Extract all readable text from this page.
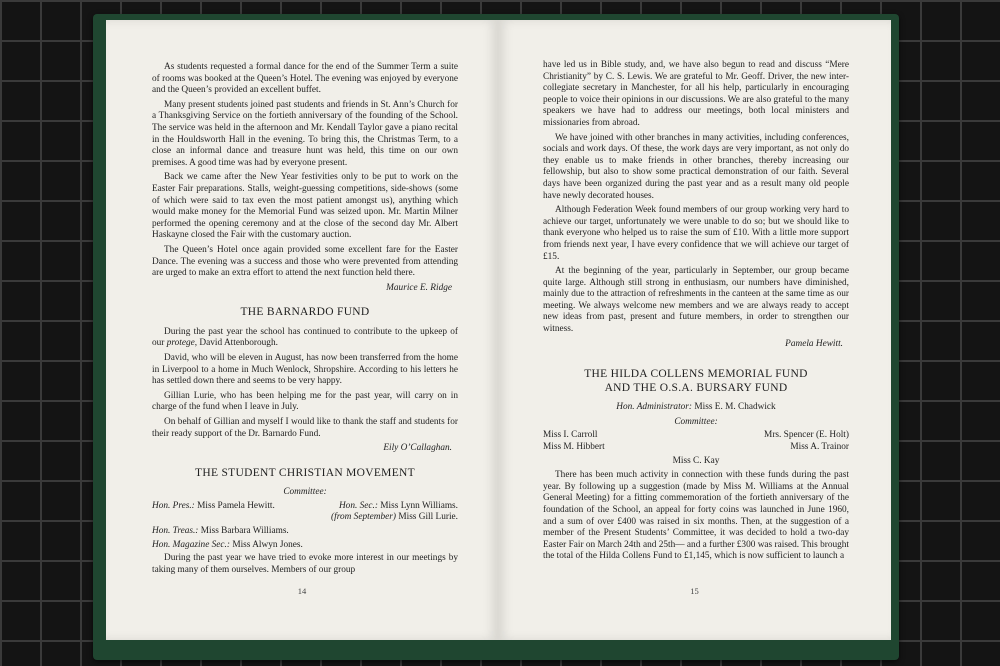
As students requested a formal dance for the end of the Summer Term a suite of rooms was booked at the Queen’s Hotel. The evening was enjoyed by everyone and the Queen’s provided an excellent buffet.

Many present students joined past students and friends in St. Ann’s Church for a Thanksgiving Service on the fortieth anniversary of the founding of the School. The service was held in the afternoon and Mr. Kendall Taylor gave a piano recital in the Houldsworth Hall in the evening. To bring this, the Christmas Term, to a close an informal dance and treasure hunt was held, this time on our own premises. A good time was had by everyone present.

Back we came after the New Year festivities only to be put to work on the Easter Fair preparations. Stalls, weight-guessing competitions, side-shows (some of which were said to tax even the most patient amongst us), anything which would make money for the Memorial Fund was seized upon. Mr. Martin Milner performed the opening ceremony and at the close of the second day Mr. Albert Haskayne closed the Fair with the customary auction.

The Queen’s Hotel once again provided some excellent fare for the Easter Dance. The evening was a success and those who were prevented from attending are urged to make an extra effort to attend the next function held there.

Maurice E. Ridge
THE BARNARDO FUND

During the past year the school has continued to contribute to the upkeep of our protege, David Attenborough.

David, who will be eleven in August, has now been transferred from the home in Liverpool to a home in Much Wenlock, Shropshire. According to his letters he has settled down there and seems to be very happy.

Gillian Lurie, who has been helping me for the past year, will carry on in charge of the fund when I leave in July.

On behalf of Gillian and myself I would like to thank the staff and students for their ready support of the Dr. Barnardo Fund.

Eily O’Callaghan.
THE STUDENT CHRISTIAN MOVEMENT
Committee:
Hon. Pres.: Miss Pamela Hewitt.	Hon. Sec.: Miss Lynn Williams.
(from September) Miss Gill Lurie.
Hon. Treas.: Miss Barbara Williams.
Hon. Magazine Sec.: Miss Alwyn Jones.

During the past year we have tried to evoke more interest in our meetings by taking many of them ourselves. Members of our group

14

have led us in Bible study, and, we have also begun to read and discuss “Mere Christianity” by C. S. Lewis. We are grateful to Mr. Geoff. Driver, the new inter-collegiate secretary in Manchester, for all his help, particularly in encouraging people to voice their opinions in our discussions. We are also grateful to the many speakers we have had to address our meetings, both local ministers and missionaries from abroad.

We have joined with other branches in many activities, including conferences, socials and work days. Of these, the work days are very important, as not only do they enable us to make friends in other branches, thereby increasing our fellowship, but also to show some practical demonstration of our faith. Several days have been organized during the past year and as a result many old people have newly decorated houses.

Although Federation Week found members of our group working very hard to achieve our target, unfortunately we were unable to do so; but we should like to thank everyone who helped us to raise the sum of £10. With a little more support from friends next year, I have every confidence that we will achieve our target of £15.

At the beginning of the year, particularly in September, our group became quite large. Although still strong in enthusiasm, our numbers have diminished, mainly due to the attraction of refreshments in the canteen at the same time as our meeting. We always welcome new members and we are always ready to accept new ideas from past, present and future members, in order to strengthen our witness.

Pamela Hewitt.
THE HILDA COLLENS MEMORIAL FUND
AND THE O.S.A. BURSARY FUND
Hon. Administrator: Miss E. M. Chadwick
Committee:
Miss I. Carroll	Mrs. Spencer (E. Holt)
Miss M. Hibbert	Miss A. Trainor
Miss C. Kay

There has been much activity in connection with these funds during the past year. By following up a suggestion (made by Miss M. Williams at the Annual General Meeting) for a fitting commemoration of the fortieth anniversary of the foundation of the School, an appeal for forty coins was launched in June 1960, and a sum of over £400 was raised in six months. Then, at the suggestion of a member of the Present Students’ Committee, it was decided to hold a two-day Easter Fair on March 24th and 25th— and a further £300 was raised. This brought the total of the Hilda Collens Fund to £1,145, which is now sufficient to launch a

15
